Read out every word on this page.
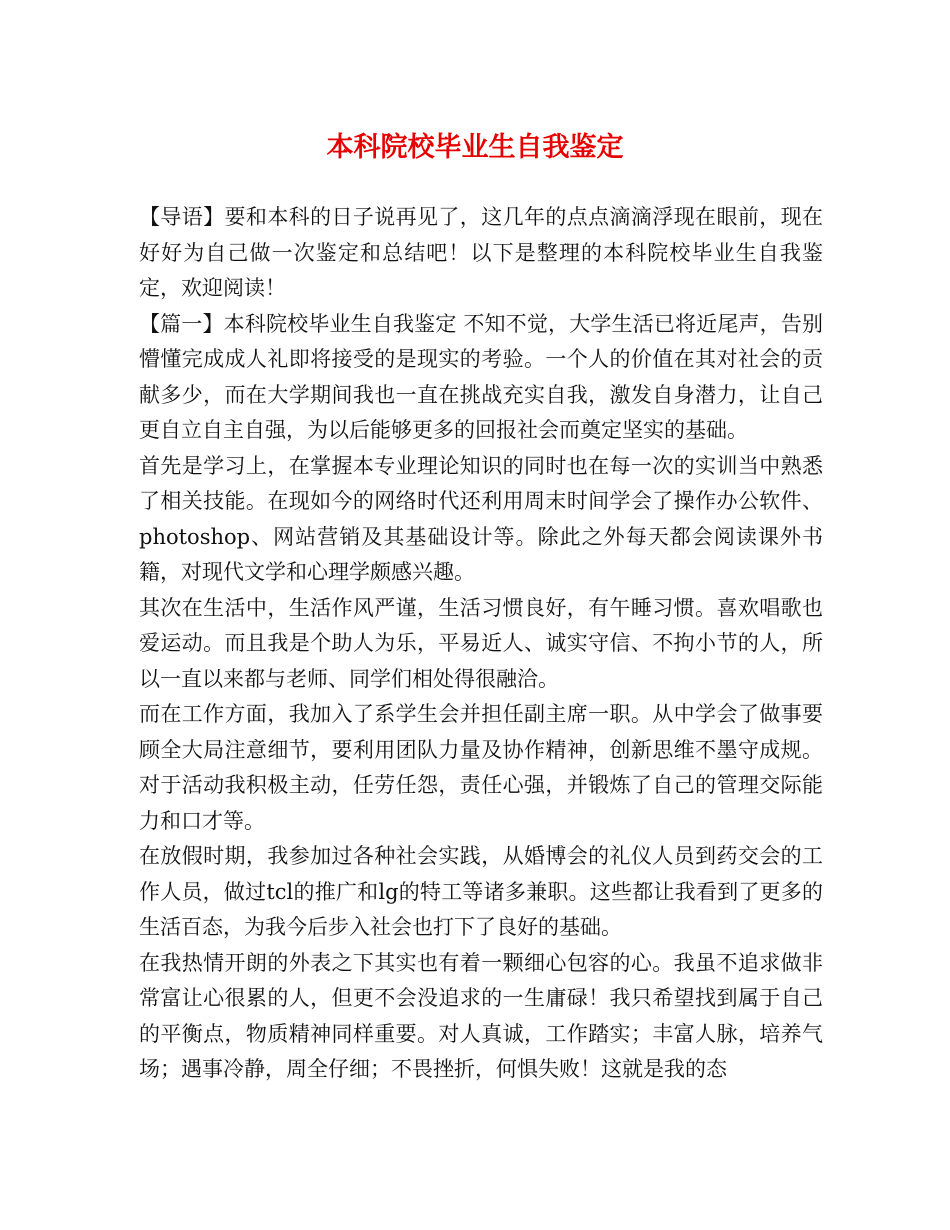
本科院校毕业生自我鉴定

【导语】要和本科的日子说再见了，这几年的点点滴滴浮现在眼前，现在好好为自己做一次鉴定和总结吧！以下是整理的本科院校毕业生自我鉴定，欢迎阅读！

【篇一】本科院校毕业生自我鉴定 不知不觉，大学生活已将近尾声，告别懵懂完成成人礼即将接受的是现实的考验。一个人的价值在其对社会的贡献多少，而在大学期间我也一直在挑战充实自我，激发自身潜力，让自己更自立自主自强，为以后能够更多的回报社会而奠定坚实的基础。

首先是学习上，在掌握本专业理论知识的同时也在每一次的实训当中熟悉了相关技能。在现如今的网络时代还利用周末时间学会了操作办公软件、photoshop、网站营销及其基础设计等。除此之外每天都会阅读课外书籍，对现代文学和心理学颇感兴趣。

其次在生活中，生活作风严谨，生活习惯良好，有午睡习惯。喜欢唱歌也爱运动。而且我是个助人为乐，平易近人、诚实守信、不拘小节的人，所以一直以来都与老师、同学们相处得很融洽。

而在工作方面，我加入了系学生会并担任副主席一职。从中学会了做事要顾全大局注意细节，要利用团队力量及协作精神，创新思维不墨守成规。对于活动我积极主动，任劳任怨，责任心强，并锻炼了自己的管理交际能力和口才等。

在放假时期，我参加过各种社会实践，从婚博会的礼仪人员到药交会的工作人员，做过tcl的推广和lg的特工等诸多兼职。这些都让我看到了更多的生活百态，为我今后步入社会也打下了良好的基础。

在我热情开朗的外表之下其实也有着一颗细心包容的心。我虽不追求做非常富让心很累的人，但更不会没追求的一生庸碌！我只希望找到属于自己的平衡点，物质精神同样重要。对人真诚，工作踏实；丰富人脉，培养气场；遇事冷静，周全仔细；不畏挫折，何惧失败！这就是我的态
